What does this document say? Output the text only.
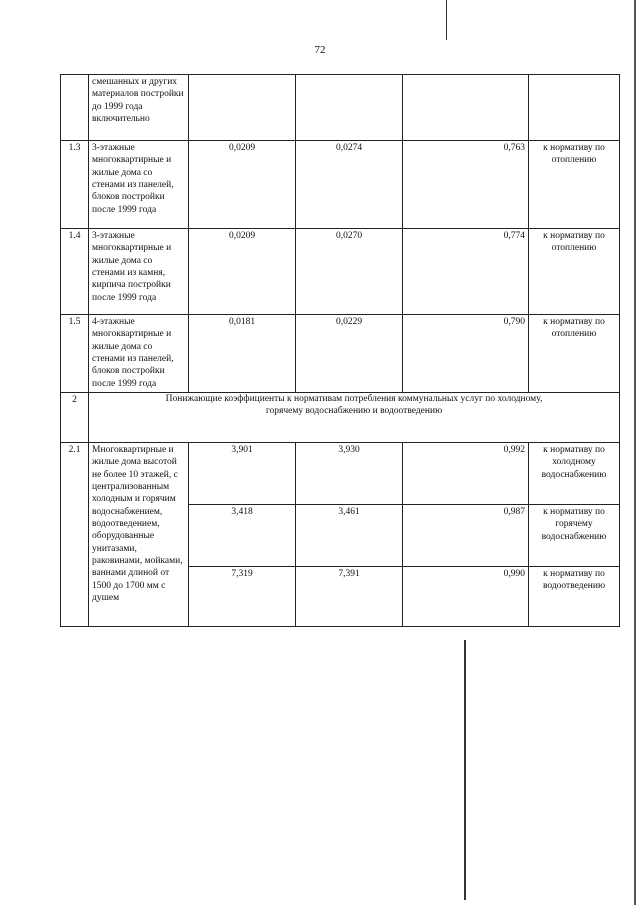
72
	смешанных и других материалов постройки до 1999 года включительно				
1.3	3-этажные многоквартирные и жилые дома со стенами из панелей, блоков постройки после 1999 года	0,0209	0,0274	0,763	к нормативу по отоплению
1.4	3-этажные многоквартирные и жилые дома со стенами из камня, кирпича постройки после 1999 года	0,0209	0,0270	0,774	к нормативу по отоплению
1.5	4-этажные многоквартирные и жилые дома со стенами из панелей, блоков постройки после 1999 года	0,0181	0,0229	0,790	к нормативу по отоплению
2	Понижающие коэффициенты к нормативам потребления коммунальных услуг по холодному, горячему водоснабжению и водоотведению				
2.1	Многоквартирные и жилые дома высотой не более 10 этажей, с централизованным холодным и горячим водоснабжением, водоотведением, оборудованные унитазами, раковинами, мойками, ваннами длиной от 1500 до 1700 мм с душем	3,901	3,930	0,992	к нормативу по холодному водоснабжению
		3,418	3,461	0,987	к нормативу по горячему водоснабжению
		7,319	7,391	0,990	к нормативу по водоотведению
